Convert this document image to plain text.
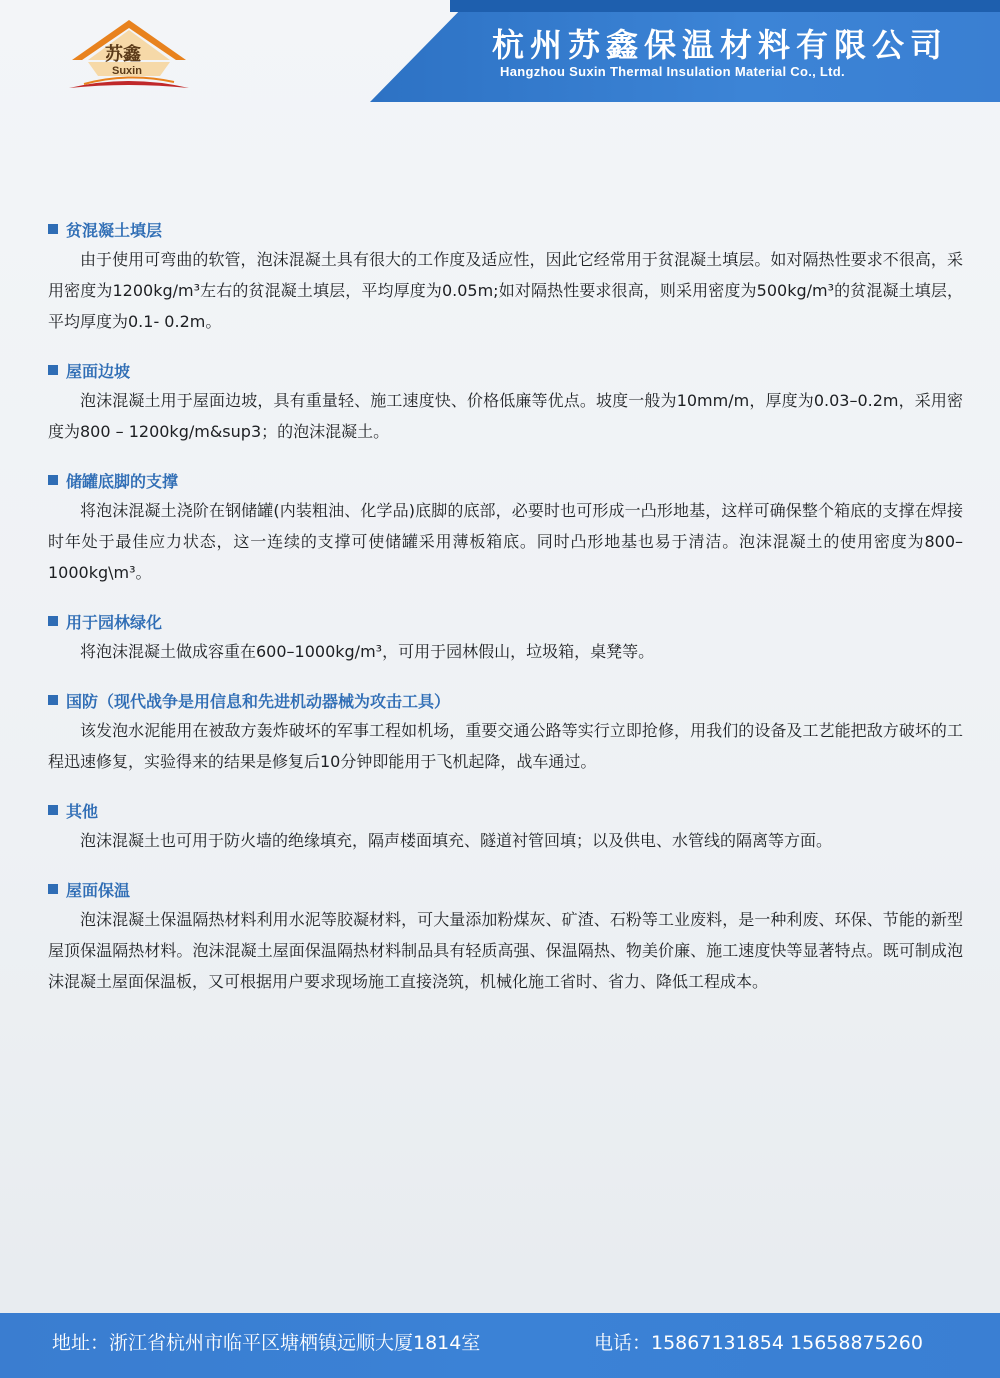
杭州苏鑫保温材料有限公司
Hangzhou Suxin Thermal Insulation Material Co., Ltd.
苏鑫
Suxin
贫混凝土填层
由于使用可弯曲的软管，泡沫混凝土具有很大的工作度及适应性，因此它经常用于贫混凝土填层。如对隔热性要求不很高，采用密度为1200kg/m³左右的贫混凝土填层，平均厚度为0.05m;如对隔热性要求很高，则采用密度为500kg/m³的贫混凝土填层，平均厚度为0.1- 0.2m。
屋面边坡
泡沫混凝土用于屋面边坡，具有重量轻、施工速度快、价格低廉等优点。坡度一般为10mm/m，厚度为0.03–0.2m，采用密度为800 – 1200kg/m&sup3；的泡沫混凝土。
储罐底脚的支撑
将泡沫混凝土浇阶在钢储罐(内装粗油、化学品)底脚的底部，必要时也可形成一凸形地基，这样可确保整个箱底的支撑在焊接时年处于最佳应力状态，这一连续的支撑可使储罐采用薄板箱底。同时凸形地基也易于清洁。泡沫混凝土的使用密度为800–1000kg\m³。
用于园林绿化
将泡沫混凝土做成容重在600–1000kg/m³，可用于园林假山，垃圾箱，桌凳等。
国防（现代战争是用信息和先进机动器械为攻击工具）
该发泡水泥能用在被敌方轰炸破坏的军事工程如机场，重要交通公路等实行立即抢修，用我们的设备及工艺能把敌方破坏的工程迅速修复，实验得来的结果是修复后10分钟即能用于飞机起降，战车通过。
其他
泡沫混凝土也可用于防火墙的绝缘填充，隔声楼面填充、隧道衬管回填；以及供电、水管线的隔离等方面。
屋面保温
泡沫混凝土保温隔热材料利用水泥等胶凝材料，可大量添加粉煤灰、矿渣、石粉等工业废料，是一种利废、环保、节能的新型屋顶保温隔热材料。泡沫混凝土屋面保温隔热材料制品具有轻质高强、保温隔热、物美价廉、施工速度快等显著特点。既可制成泡沫混凝土屋面保温板，又可根据用户要求现场施工直接浇筑，机械化施工省时、省力、降低工程成本。
地址：浙江省杭州市临平区塘栖镇远顺大厦1814室	电话：15867131854 15658875260
